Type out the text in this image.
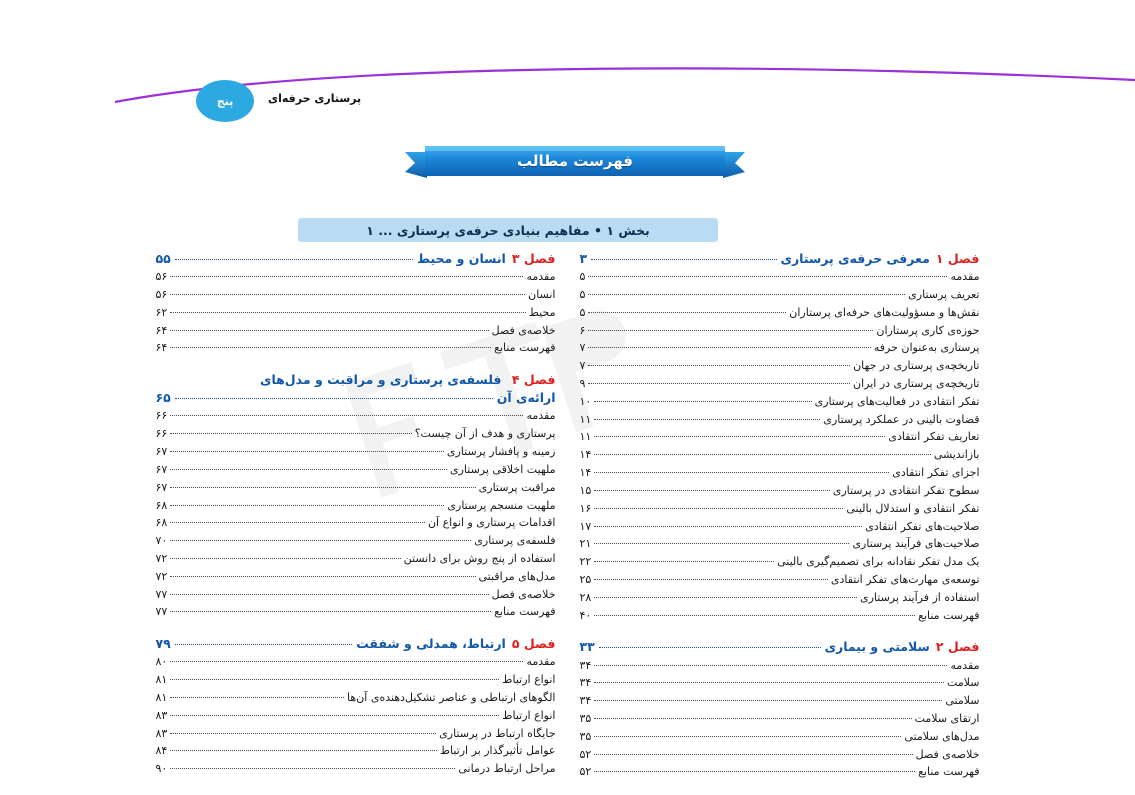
پنج	پرستاری حرفه‌ای
فهرست مطالب
بخش ۱ • مفاهیم بنیادی حرفه‌ی پرستاری ... ۱
فصل ۱
معرفی حرفه‌ی پرستاری
۳
مقدمه
۵
تعریف پرستاری
۵
نقش‌ها و مسؤولیت‌های حرفه‌ای پرستاران
۵
حوزه‌ی کاری پرستاران
۶
پرستاری به‌عنوان حرفه
۷
تاریخچه‌ی پرستاری در جهان
۷
تاریخچه‌ی پرستاری در ایران
۹
تفکر انتقادی در فعالیت‌های پرستاری
۱۰
قضاوت بالینی در عملکرد پرستاری
۱۱
تعاریف تفکر انتقادی
۱۱
بازاندیشی
۱۴
اجزای تفکر انتقادی
۱۴
سطوح تفکر انتقادی در پرستاری
۱۵
تفکر انتقادی و استدلال بالینی
۱۶
صلاحیت‌های تفکر انتقادی
۱۷
صلاحیت‌های فرآیند پرستاری
۲۱
یک مدل تفکر نقادانه برای تصمیم‌گیری بالینی
۲۲
توسعه‌ی مهارت‌های تفکر انتقادی
۲۵
استفاده از فرآیند پرستاری
۲۸
فهرست منابع
۴۰
فصل ۲
سلامتی و بیماری
۳۳
مقدمه
۳۴
سلامت
۳۴
سلامتی
۳۴
ارتقای سلامت
۳۵
مدل‌های سلامتی
۳۵
خلاصه‌ی فصل
۵۲
فهرست منابع
۵۲
فصل ۳
انسان و محیط
۵۵
مقدمه
۵۶
انسان
۵۶
محیط
۶۲
خلاصه‌ی فصل
۶۴
فهرست منابع
۶۴
فصل ۴ فلسفه‌ی پرستاری و مراقبت و مدل‌های
ارائه‌ی آن
۶۵
مقدمه
۶۶
پرستاری و هدف از آن چیست؟
۶۶
زمینه و پافشار پرستاری
۶۷
ملهیت اخلاقی پرستاری
۶۷
مراقبت پرستاری
۶۷
ملهیت منسجم پرستاری
۶۸
اقدامات پرستاری و انواع آن
۶۸
فلسفه‌ی پرستاری
۷۰
استفاده از پنج روش برای دانستن
۷۲
مدل‌های مراقبتی
۷۲
خلاصه‌ی فصل
۷۷
فهرست منابع
۷۷
فصل ۵
ارتباط، همدلی و شفقت
۷۹
مقدمه
۸۰
انواع ارتباط
۸۱
الگوهای ارتباطی و عناصر تشکیل‌دهنده‌ی آن‌ها
۸۱
انواع ارتباط
۸۳
جایگاه ارتباط در پرستاری
۸۳
عوامل تأثیرگذار بر ارتباط
۸۴
مراحل ارتباط درمانی
۹۰
